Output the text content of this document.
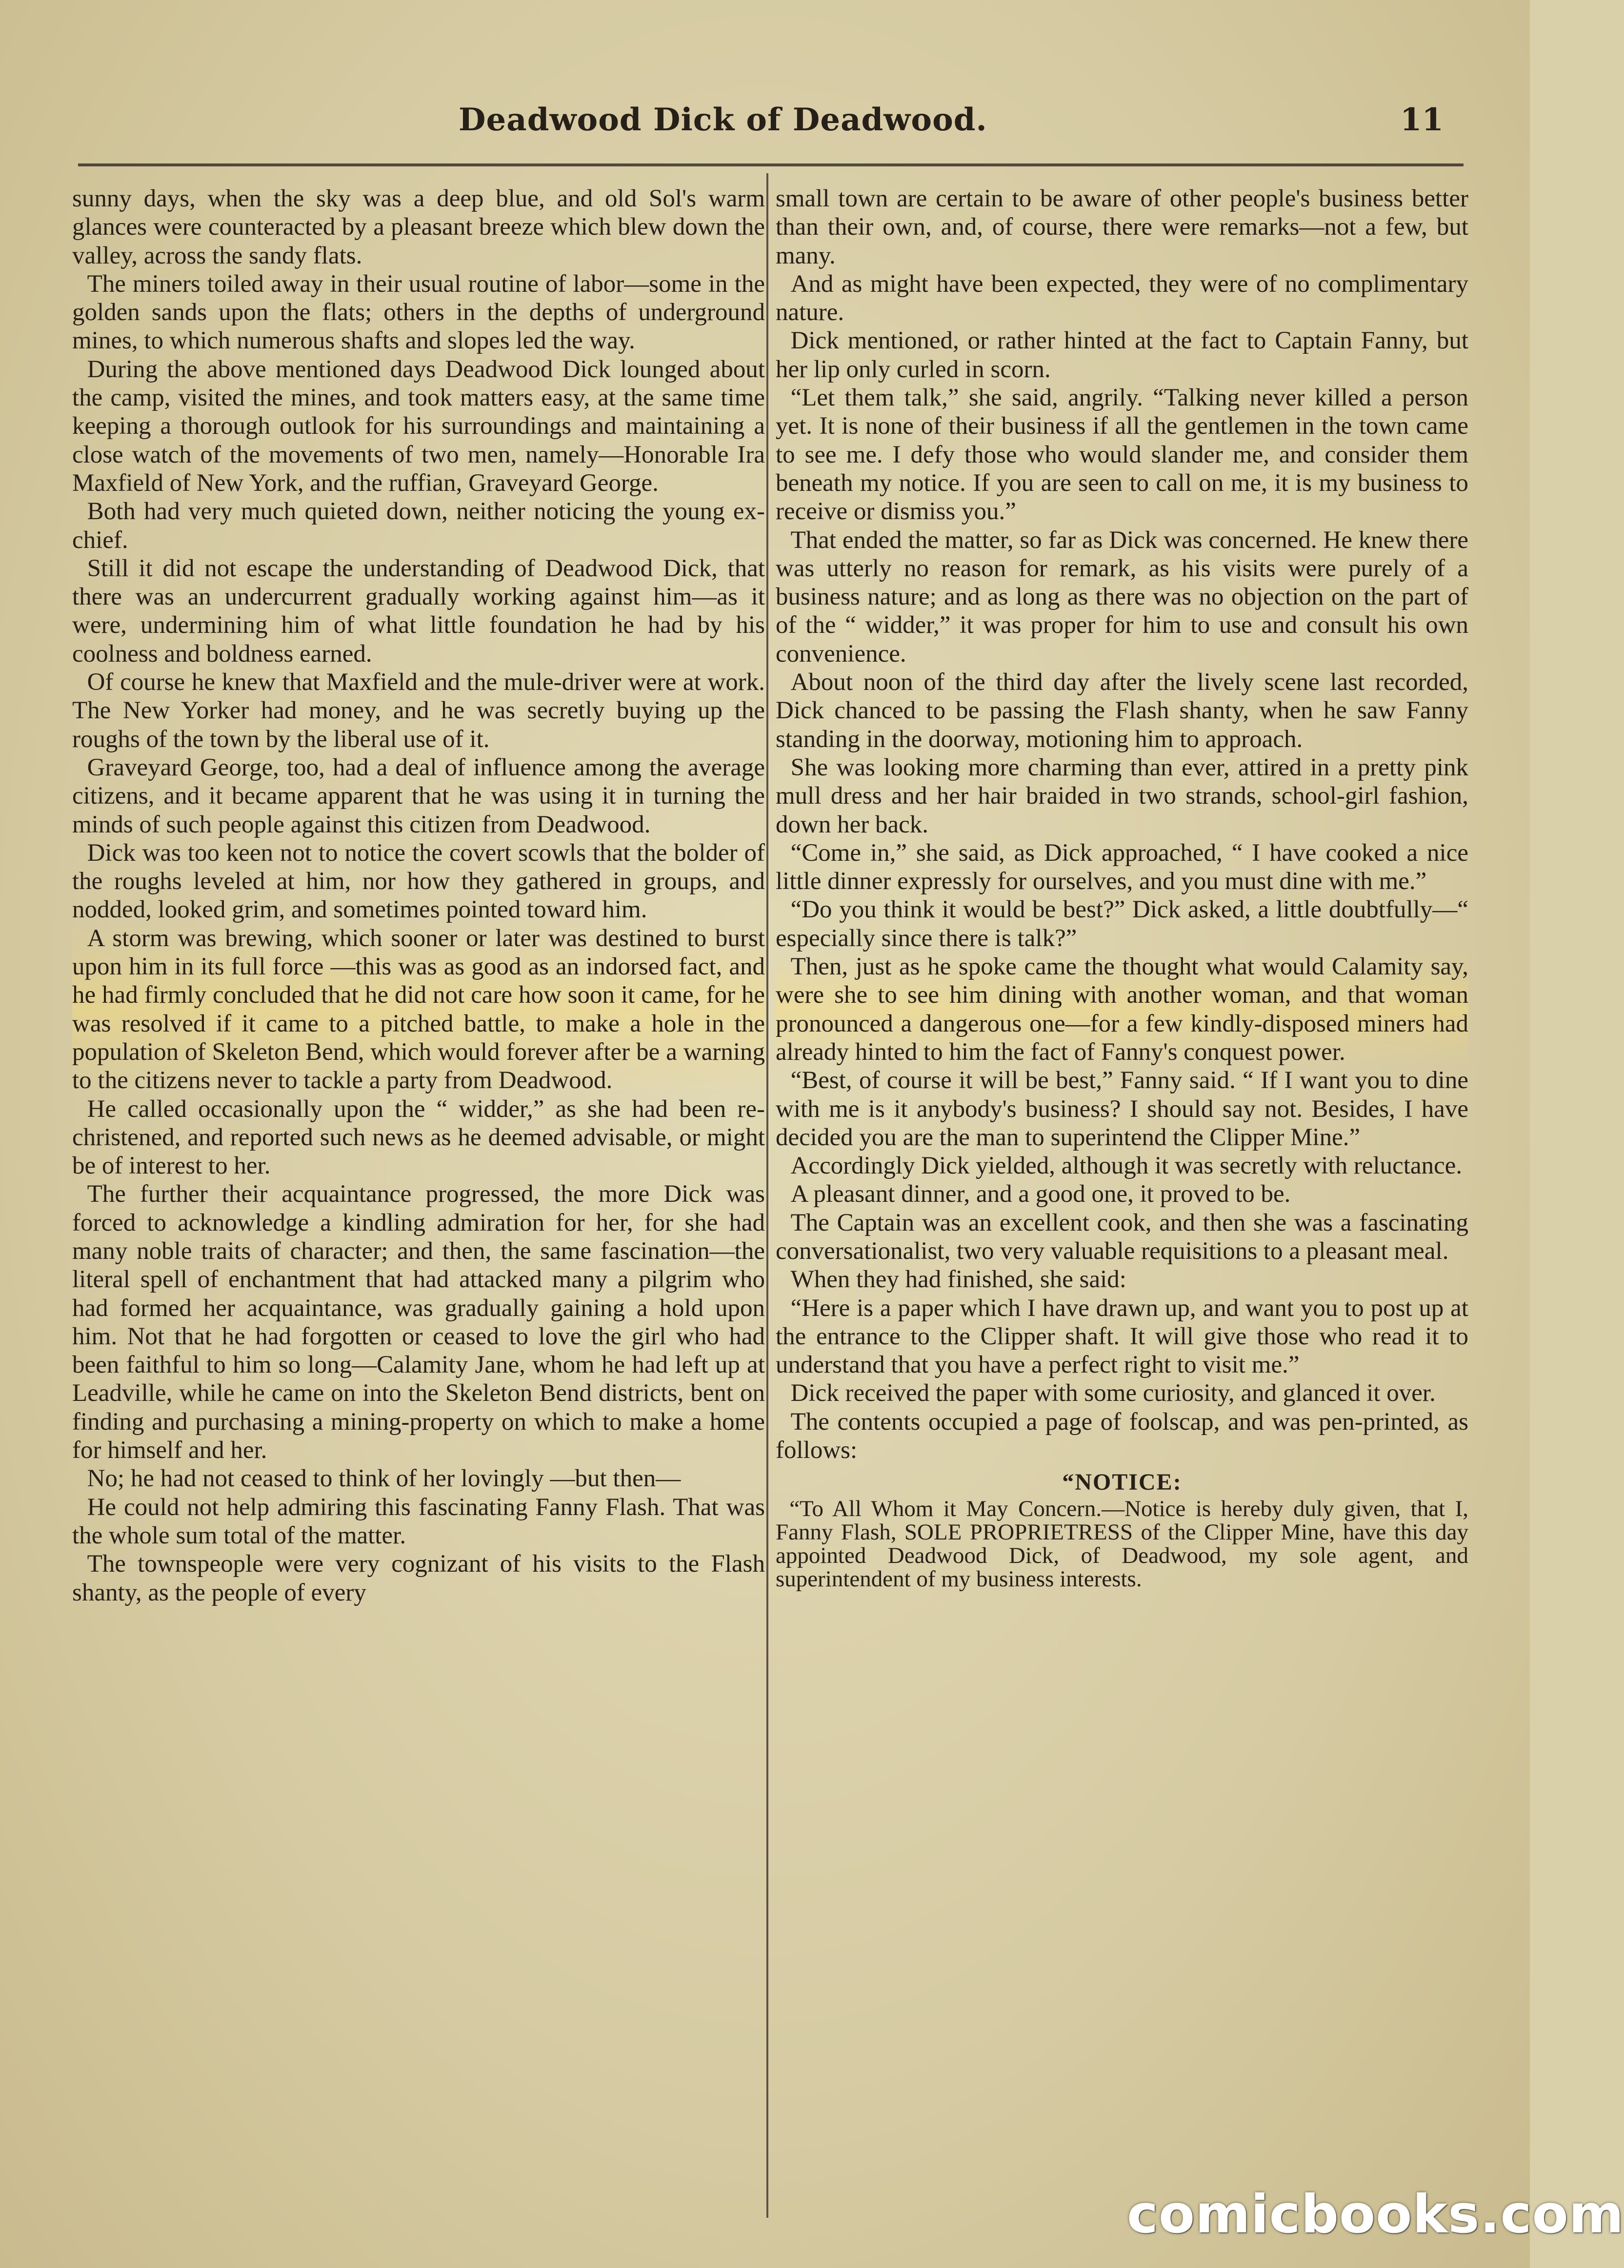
Deadwood Dick of Deadwood.	11

sunny days, when the sky was a deep blue, and old Sol's warm glances were counteracted by a pleasant breeze which blew down the valley, across the sandy flats.

The miners toiled away in their usual routine of labor—some in the golden sands upon the flats; others in the depths of underground mines, to which numerous shafts and slopes led the way.

During the above mentioned days Deadwood Dick lounged about the camp, visited the mines, and took matters easy, at the same time keeping a thorough outlook for his surroundings and maintaining a close watch of the movements of two men, namely—Honorable Ira Maxfield of New York, and the ruffian, Graveyard George.

Both had very much quieted down, neither noticing the young ex-chief.

Still it did not escape the understanding of Deadwood Dick, that there was an undercurrent gradually working against him—as it were, undermining him of what little foundation he had by his coolness and boldness earned.

Of course he knew that Maxfield and the mule-driver were at work. The New Yorker had money, and he was secretly buying up the roughs of the town by the liberal use of it.

Graveyard George, too, had a deal of influence among the average citizens, and it became apparent that he was using it in turning the minds of such people against this citizen from Deadwood.

Dick was too keen not to notice the covert scowls that the bolder of the roughs leveled at him, nor how they gathered in groups, and nodded, looked grim, and sometimes pointed toward him.

A storm was brewing, which sooner or later was destined to burst upon him in its full force —this was as good as an indorsed fact, and he had firmly concluded that he did not care how soon it came, for he was resolved if it came to a pitched battle, to make a hole in the population of Skeleton Bend, which would forever after be a warning to the citizens never to tackle a party from Deadwood.

He called occasionally upon the “ widder,” as she had been re-christened, and reported such news as he deemed advisable, or might be of interest to her.

The further their acquaintance progressed, the more Dick was forced to acknowledge a kindling admiration for her, for she had many noble traits of character; and then, the same fascination—the literal spell of enchantment that had attacked many a pilgrim who had formed her acquaintance, was gradually gaining a hold upon him. Not that he had forgotten or ceased to love the girl who had been faithful to him so long—Calamity Jane, whom he had left up at Leadville, while he came on into the Skeleton Bend districts, bent on finding and purchasing a mining-property on which to make a home for himself and her.

No; he had not ceased to think of her lovingly —but then—

He could not help admiring this fascinating Fanny Flash. That was the whole sum total of the matter.

The townspeople were very cognizant of his visits to the Flash shanty, as the people of every

small town are certain to be aware of other people's business better than their own, and, of course, there were remarks—not a few, but many.

And as might have been expected, they were of no complimentary nature.

Dick mentioned, or rather hinted at the fact to Captain Fanny, but her lip only curled in scorn.

“Let them talk,” she said, angrily. “Talking never killed a person yet. It is none of their business if all the gentlemen in the town came to see me. I defy those who would slander me, and consider them beneath my notice. If you are seen to call on me, it is my business to receive or dismiss you.”

That ended the matter, so far as Dick was concerned. He knew there was utterly no reason for remark, as his visits were purely of a business nature; and as long as there was no objection on the part of of the “ widder,” it was proper for him to use and consult his own convenience.

About noon of the third day after the lively scene last recorded, Dick chanced to be passing the Flash shanty, when he saw Fanny standing in the doorway, motioning him to approach.

She was looking more charming than ever, attired in a pretty pink mull dress and her hair braided in two strands, school-girl fashion, down her back.

“Come in,” she said, as Dick approached, “ I have cooked a nice little dinner expressly for ourselves, and you must dine with me.”

“Do you think it would be best?” Dick asked, a little doubtfully—“ especially since there is talk?”

Then, just as he spoke came the thought what would Calamity say, were she to see him dining with another woman, and that woman pronounced a dangerous one—for a few kindly-disposed miners had already hinted to him the fact of Fanny's conquest power.

“Best, of course it will be best,” Fanny said. “ If I want you to dine with me is it anybody's business? I should say not. Besides, I have decided you are the man to superintend the Clipper Mine.”

Accordingly Dick yielded, although it was secretly with reluctance.

A pleasant dinner, and a good one, it proved to be.

The Captain was an excellent cook, and then she was a fascinating conversationalist, two very valuable requisitions to a pleasant meal.

When they had finished, she said:

“Here is a paper which I have drawn up, and want you to post up at the entrance to the Clipper shaft. It will give those who read it to understand that you have a perfect right to visit me.”

Dick received the paper with some curiosity, and glanced it over.

The contents occupied a page of foolscap, and was pen-printed, as follows:

“NOTICE:

“To All Whom it May Concern.—Notice is hereby duly given, that I, Fanny Flash, SOLE PROPRIETRESS of the Clipper Mine, have this day appointed Deadwood Dick, of Deadwood, my sole agent, and superintendent of my business interests.

comicbooks.com
